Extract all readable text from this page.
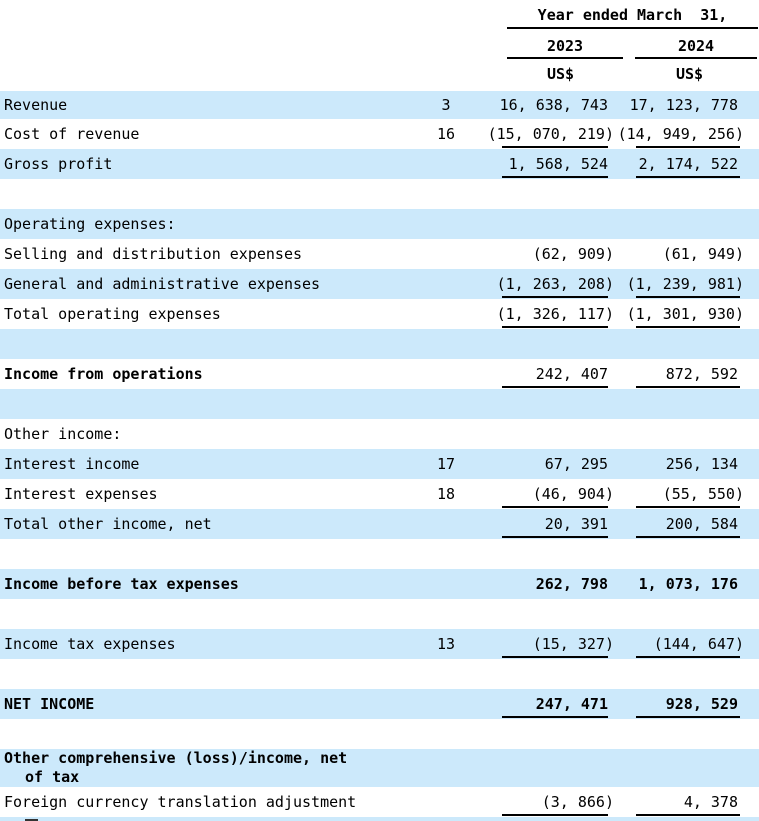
Year ended March  31,
2023	2024
US$	US$
Revenue	3	16, 638, 743	17, 123, 778
Cost of revenue	16	(15, 070, 219) (14, 949, 256)
Gross profit	1, 568, 524	2, 174, 522
Operating expenses:
Selling and distribution expenses	(62, 909)	(61, 949)
General and administrative expenses	(1, 263, 208) (1, 239, 981)
Total operating expenses	(1, 326, 117) (1, 301, 930)
Income from operations	242, 407	872, 592
Other income:
Interest income	17	67, 295	256, 134
Interest expenses	18	(46, 904)	(55, 550)
Total other income, net	20, 391	200, 584
Income before tax expenses	262, 798	1, 073, 176
Income tax expenses	13	(15, 327)	(144, 647)
NET INCOME	247, 471	928, 529
Other comprehensive (loss)/income, net
of tax
Foreign currency translation adjustment	(3, 866)	4, 378
